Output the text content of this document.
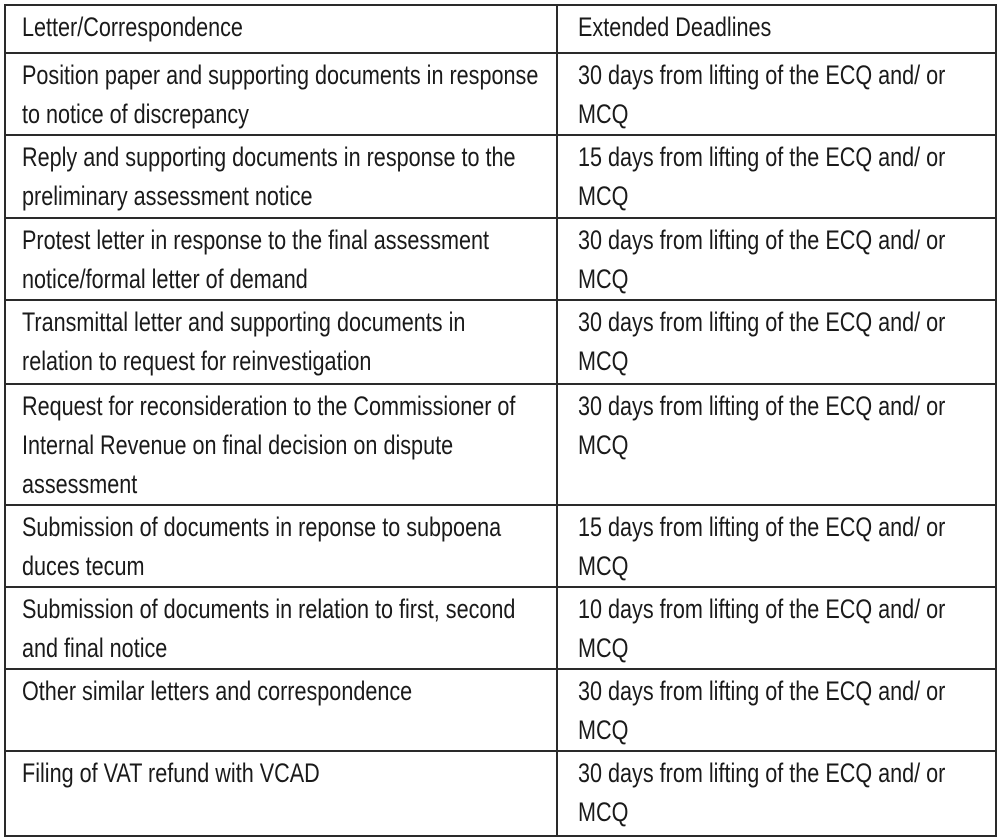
Letter/Correspondence	Extended Deadlines

Position paper and supporting documents in response to notice of discrepancy	30 days from lifting of the ECQ and/ or MCQ

Reply and supporting documents in response to the preliminary assessment notice	15 days from lifting of the ECQ and/ or MCQ

Protest letter in response to the final assessment notice/formal letter of demand	30 days from lifting of the ECQ and/ or MCQ

Transmittal letter and supporting documents in relation to request for reinvestigation	30 days from lifting of the ECQ and/ or MCQ

Request for reconsideration to the Commissioner of Internal Revenue on final decision on dispute assessment	30 days from lifting of the ECQ and/ or MCQ

Submission of documents in reponse to subpoena duces tecum	15 days from lifting of the ECQ and/ or MCQ

Submission of documents in relation to first, second and final notice	10 days from lifting of the ECQ and/ or MCQ

Other similar letters and correspondence	30 days from lifting of the ECQ and/ or MCQ

Filing of VAT refund with VCAD	30 days from lifting of the ECQ and/ or MCQ
